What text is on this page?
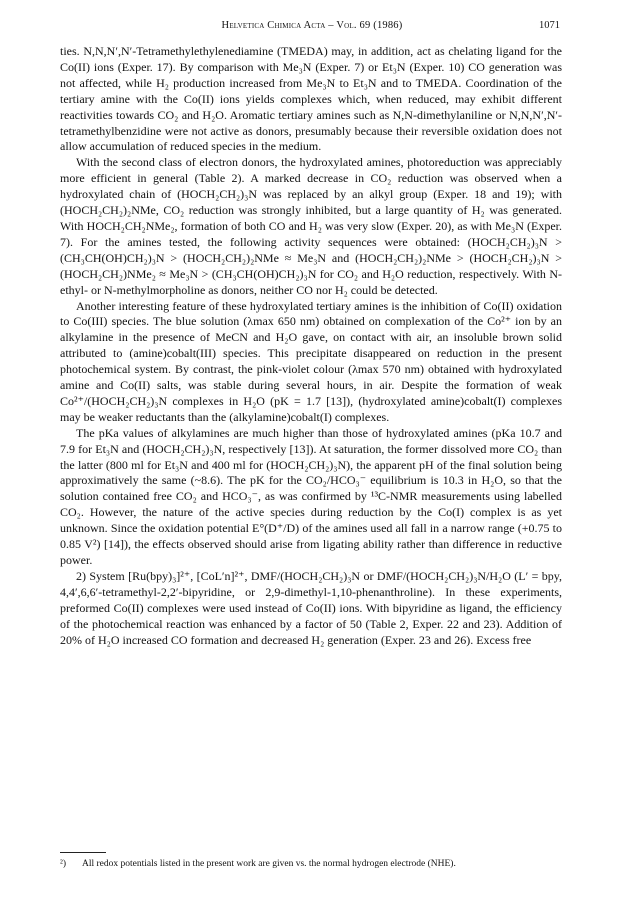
Helvetica Chimica Acta – Vol. 69 (1986)	1071

ties. N,N,N′,N′-Tetramethylethylenediamine (TMEDA) may, in addition, act as chelating ligand for the Co(II) ions (Exper. 17). By comparison with Me₃N (Exper. 7) or Et₃N (Exper. 10) CO generation was not affected, while H₂ production increased from Me₃N to Et₃N and to TMEDA. Coordination of the tertiary amine with the Co(II) ions yields complexes which, when reduced, may exhibit different reactivities towards CO₂ and H₂O. Aromatic tertiary amines such as N,N-dimethylaniline or N,N,N′,N′-tetramethylbenzidine were not active as donors, presumably because their reversible oxidation does not allow accumulation of reduced species in the medium.

With the second class of electron donors, the hydroxylated amines, photoreduction was appreciably more efficient in general (Table 2). A marked decrease in CO₂ reduction was observed when a hydroxylated chain of (HOCH₂CH₂)₃N was replaced by an alkyl group (Exper. 18 and 19); with (HOCH₂CH₂)₂NMe, CO₂ reduction was strongly inhibited, but a large quantity of H₂ was generated. With HOCH₂CH₂NMe₂, formation of both CO and H₂ was very slow (Exper. 20), as with Me₃N (Exper. 7). For the amines tested, the following activity sequences were obtained: (HOCH₂CH₂)₃N > (CH₃CH(OH)CH₂)₃N > (HOCH₂CH₂)₂NMe ≈ Me₃N and (HOCH₂CH₂)₂NMe > (HOCH₂CH₂)₃N > (HOCH₂CH₂)NMe₂ ≈ Me₃N > (CH₃CH(OH)CH₂)₃N for CO₂ and H₂O reduction, respectively. With N-ethyl- or N-methylmorpholine as donors, neither CO nor H₂ could be detected.

Another interesting feature of these hydroxylated tertiary amines is the inhibition of Co(II) oxidation to Co(III) species. The blue solution (λmax 650 nm) obtained on complexation of the Co²⁺ ion by an alkylamine in the presence of MeCN and H₂O gave, on contact with air, an insoluble brown solid attributed to (amine)cobalt(III) species. This precipitate disappeared on reduction in the present photochemical system. By contrast, the pink-violet colour (λmax 570 nm) obtained with hydroxylated amine and Co(II) salts, was stable during several hours, in air. Despite the formation of weak Co²⁺/(HOCH₂CH₂)₃N complexes in H₂O (pK = 1.7 [13]), (hydroxylated amine)cobalt(I) complexes may be weaker reductants than the (alkylamine)cobalt(I) complexes.

The pKa values of alkylamines are much higher than those of hydroxylated amines (pKa 10.7 and 7.9 for Et₃N and (HOCH₂CH₂)₃N, respectively [13]). At saturation, the former dissolved more CO₂ than the latter (800 ml for Et₃N and 400 ml for (HOCH₂CH₂)₃N), the apparent pH of the final solution being approximatively the same (~8.6). The pK for the CO₂/HCO₃⁻ equilibrium is 10.3 in H₂O, so that the solution contained free CO₂ and HCO₃⁻, as was confirmed by ¹³C-NMR measurements using labelled CO₂. However, the nature of the active species during reduction by the Co(I) complex is as yet unknown. Since the oxidation potential E°(D⁺/D) of the amines used all fall in a narrow range (+0.75 to 0.85 V²) [14]), the effects observed should arise from ligating ability rather than difference in reductive power.

2) System [Ru(bpy)₃]²⁺, [CoL′n]²⁺, DMF/(HOCH₂CH₂)₃N or DMF/(HOCH₂CH₂)₃N/H₂O (L′ = bpy, 4,4′,6,6′-tetramethyl-2,2′-bipyridine, or 2,9-dimethyl-1,10-phenanthroline). In these experiments, preformed Co(II) complexes were used instead of Co(II) ions. With bipyridine as ligand, the efficiency of the photochemical reaction was enhanced by a factor of 50 (Table 2, Exper. 22 and 23). Addition of 20% of H₂O increased CO formation and decreased H₂ generation (Exper. 23 and 26). Excess free

²) All redox potentials listed in the present work are given vs. the normal hydrogen electrode (NHE).
